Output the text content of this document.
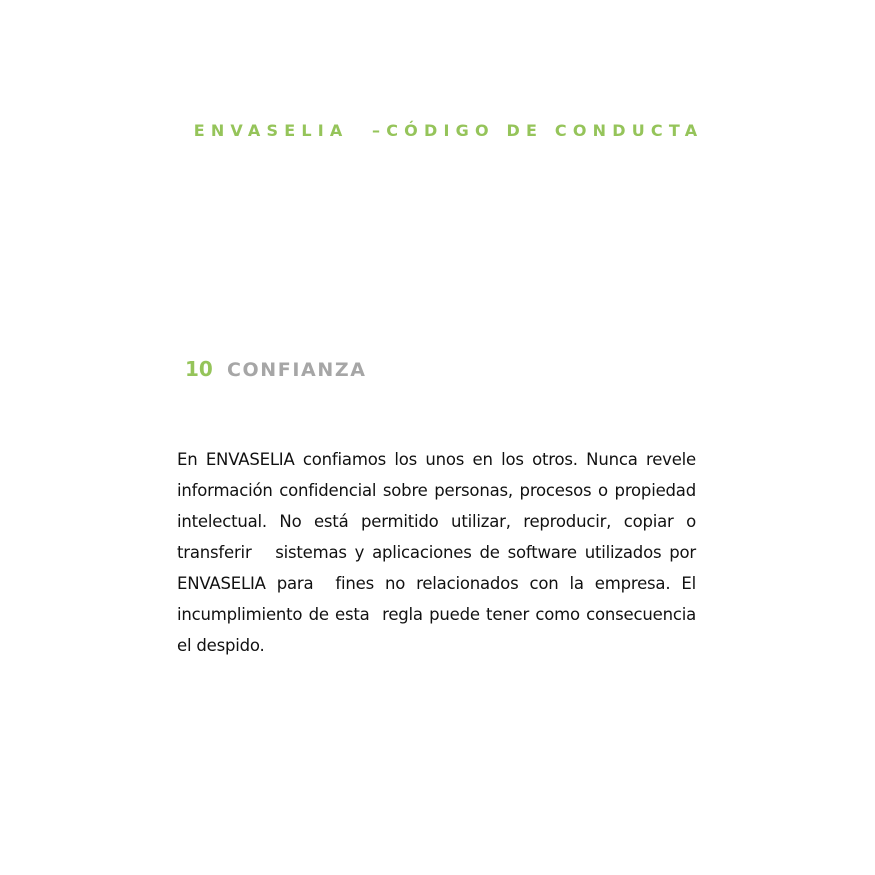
ENVASELIA  –CÓDIGO DE CONDUCTA
10 CONFIANZA

En ENVASELIA confiamos los unos en los otros. Nunca revele información confidencial sobre personas, procesos o propiedad  intelectual. No está permitido utilizar, reproducir, copiar o transferir   sistemas y aplicaciones de software utilizados por ENVASELIA para  fines no relacionados con la empresa. El incumplimiento de esta  regla puede tener como consecuencia el despido.
